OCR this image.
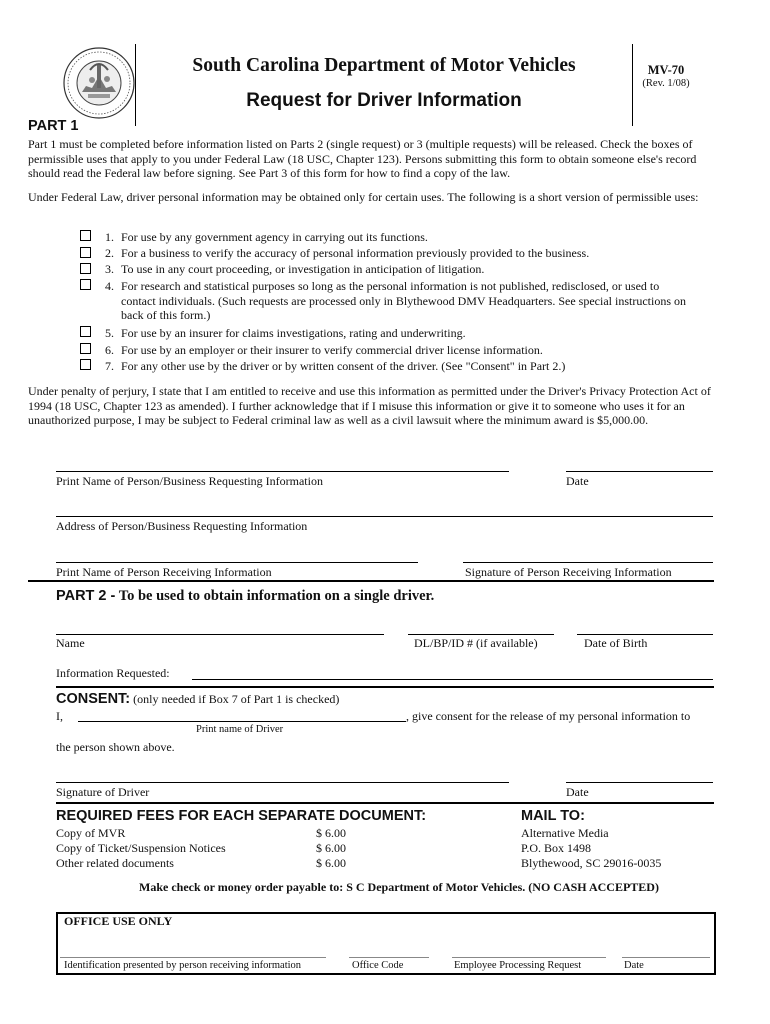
South Carolina Department of Motor Vehicles
Request for Driver Information
MV-70
(Rev. 1/08)
PART 1
Part 1 must be completed before information listed on Parts 2 (single request) or 3 (multiple requests) will be released. Check the boxes of permissible uses that apply to you under Federal Law (18 USC, Chapter 123). Persons submitting this form to obtain someone else's record should read the Federal law before signing. See Part 3 of this form for how to find a copy of the law.
Under Federal Law, driver personal information may be obtained only for certain uses. The following is a short version of permissible uses:
1. For use by any government agency in carrying out its functions.
2. For a business to verify the accuracy of personal information previously provided to the business.
3. To use in any court proceeding, or investigation in anticipation of litigation.
4. For research and statistical purposes so long as the personal information is not published, redisclosed, or used to contact individuals. (Such requests are processed only in Blythewood DMV Headquarters. See special instructions on back of this form.)
5. For use by an insurer for claims investigations, rating and underwriting.
6. For use by an employer or their insurer to verify commercial driver license information.
7. For any other use by the driver or by written consent of the driver. (See "Consent" in Part 2.)
Under penalty of perjury, I state that I am entitled to receive and use this information as permitted under the Driver's Privacy Protection Act of 1994 (18 USC, Chapter 123 as amended). I further acknowledge that if I misuse this information or give it to someone who uses it for an unauthorized purpose, I may be subject to Federal criminal law as well as a civil lawsuit where the minimum award is $5,000.00.
Print Name of Person/Business Requesting Information	Date
Address of Person/Business Requesting Information
Print Name of Person Receiving Information	Signature of Person Receiving Information
PART 2 - To be used to obtain information on a single driver.
Name	DL/BP/ID # (if available)	Date of Birth
Information Requested:
CONSENT: (only needed if Box 7 of Part 1 is checked)
I,	, give consent for the release of my personal information to
Print name of Driver
the person shown above.
Signature of Driver	Date
REQUIRED FEES FOR EACH SEPARATE DOCUMENT:
Copy of MVR	$ 6.00
Copy of Ticket/Suspension Notices	$ 6.00
Other related documents	$ 6.00
MAIL TO:
Alternative Media
P.O. Box 1498
Blythewood, SC 29016-0035
Make check or money order payable to: S C Department of Motor Vehicles. (NO CASH ACCEPTED)
OFFICE USE ONLY
Identification presented by person receiving information	Office Code	Employee Processing Request	Date
